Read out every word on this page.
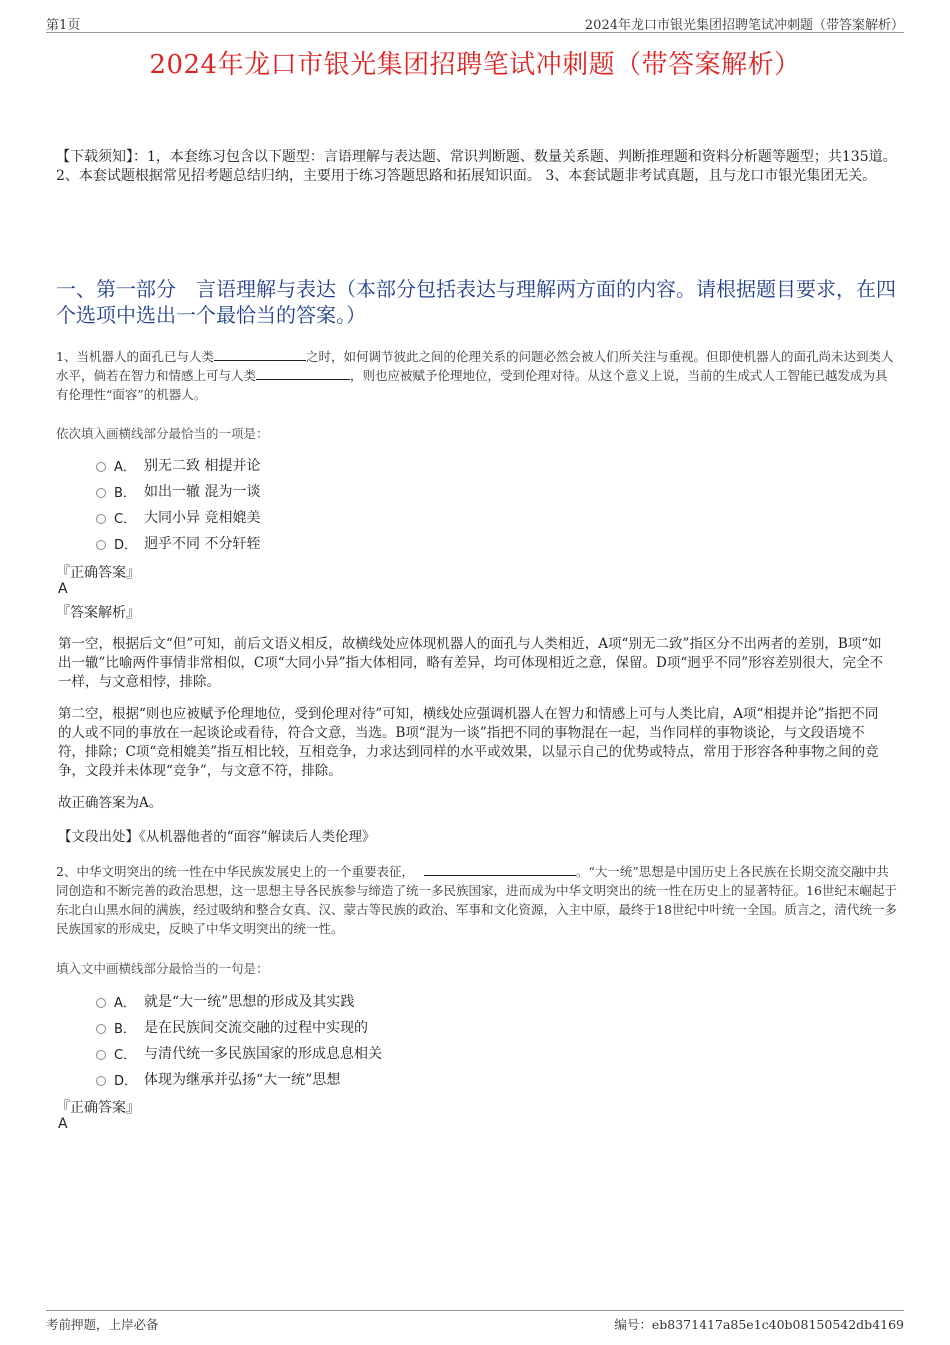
第1页	2024年龙口市银光集团招聘笔试冲刺题（带答案解析）
2024年龙口市银光集团招聘笔试冲刺题（带答案解析）
【下载须知】：1，本套练习包含以下题型：言语理解与表达题、常识判断题、数量关系题、判断推理题和资料分析题等题型；共135道。 2、本套试题根据常见招考题总结归纳，主要用于练习答题思路和拓展知识面。 3、本套试题非考试真题，且与龙口市银光集团无关。
一、第一部分　言语理解与表达（本部分包括表达与理解两方面的内容。请根据题目要求，在四个选项中选出一个最恰当的答案。）
1、当机器人的面孔已与人类	之时，如何调节彼此之间的伦理关系的问题必然会被人们所关注与重视。但即使机器人的面孔尚未达到类人水平，倘若在智力和情感上可与人类	，则也应被赋予伦理地位，受到伦理对待。从这个意义上说，当前的生成式人工智能已越发成为具有伦理性“面容”的机器人。
依次填入画横线部分最恰当的一项是：
A． 别无二致 相提并论
B． 如出一辙 混为一谈
C． 大同小异 竞相媲美
D． 迥乎不同 不分轩轾
『正确答案』
A
『答案解析』
第一空，根据后文“但”可知，前后文语义相反，故横线处应体现机器人的面孔与人类相近，A项“别无二致”指区分不出两者的差别，B项“如出一辙”比喻两件事情非常相似，C项“大同小异”指大体相同，略有差异，均可体现相近之意，保留。D项“迥乎不同”形容差别很大，完全不一样，与文意相悖，排除。
第二空，根据“则也应被赋予伦理地位，受到伦理对待”可知，横线处应强调机器人在智力和情感上可与人类比肩，A项“相提并论”指把不同的人或不同的事放在一起谈论或看待，符合文意，当选。B项“混为一谈”指把不同的事物混在一起，当作同样的事物谈论，与文段语境不符，排除；C项“竞相媲美”指互相比较，互相竞争，力求达到同样的水平或效果，以显示自己的优势或特点，常用于形容各种事物之间的竞争，文段并未体现“竞争”，与文意不符，排除。
故正确答案为A。
【文段出处】《从机器他者的“面容”解读后人类伦理》
2、中华文明突出的统一性在中华民族发展史上的一个重要表征，	。“大一统”思想是中国历史上各民族在长期交流交融中共同创造和不断完善的政治思想，这一思想主导各民族参与缔造了统一多民族国家，进而成为中华文明突出的统一性在历史上的显著特征。16世纪末崛起于东北白山黑水间的满族，经过吸纳和整合女真、汉、蒙古等民族的政治、军事和文化资源，入主中原，最终于18世纪中叶统一全国。质言之，清代统一多民族国家的形成史，反映了中华文明突出的统一性。
填入文中画横线部分最恰当的一句是：
A． 就是“大一统”思想的形成及其实践
B． 是在民族间交流交融的过程中实现的
C． 与清代统一多民族国家的形成息息相关
D． 体现为继承并弘扬“大一统”思想
『正确答案』
A
考前押题，上岸必备	编号：eb8371417a85e1c40b08150542db4169
